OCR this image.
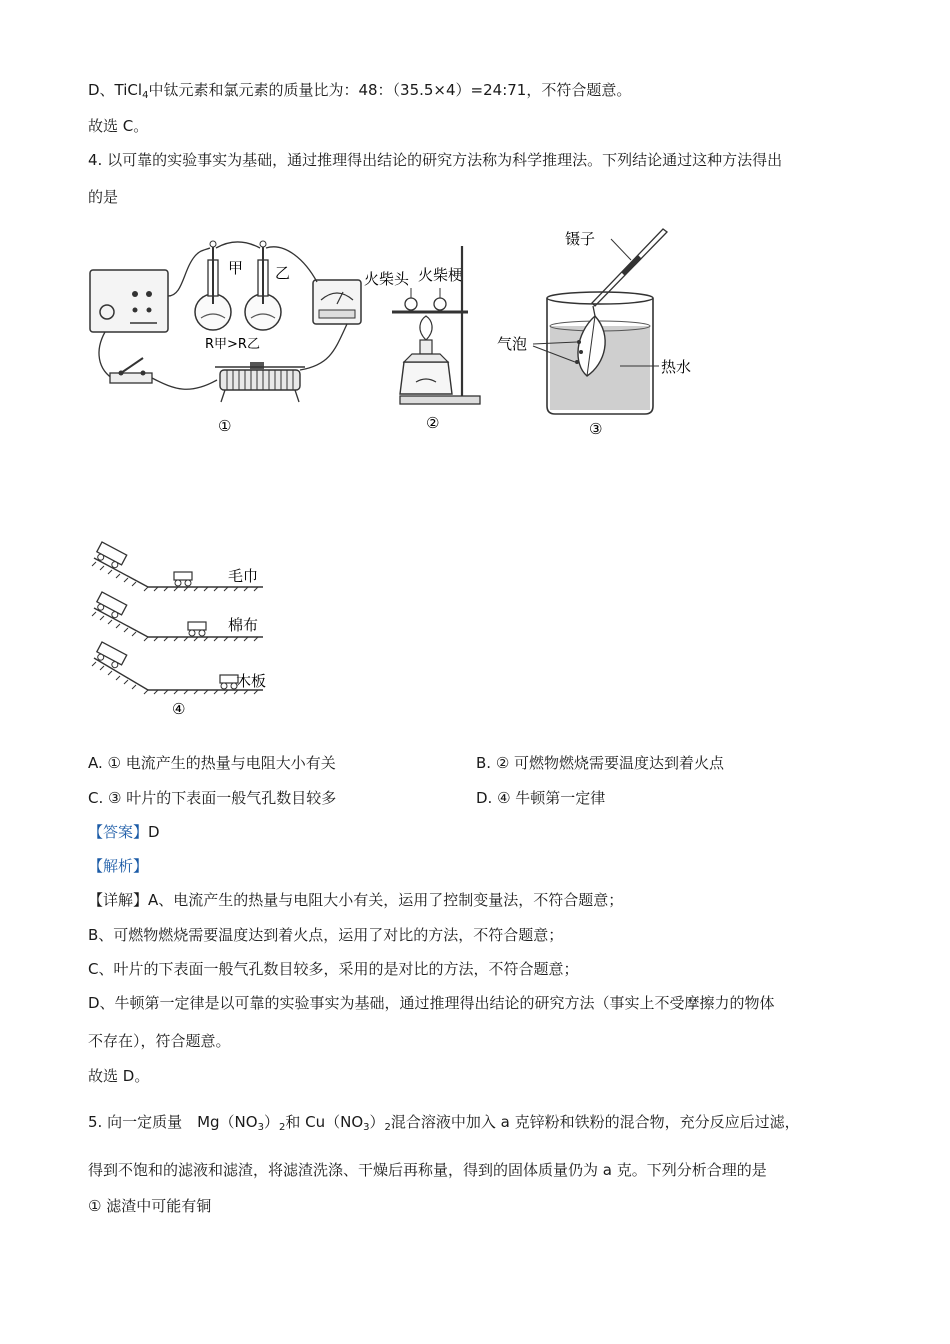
D、TiCl$_4$中钛元素和氯元素的质量比为：48：（35.5×4）=24:71，不符合题意。
故选 C。
4. 以可靠的实验事实为基础，通过推理得出结论的研究方法称为科学推理法。下列结论通过这种方法得出
的是
甲 乙
R甲>R乙
①
火柴头 火柴梗
②
镊子
气泡
热水
③
毛巾
棉布
木板
④
A. ① 电流产生的热量与电阻大小有关	B. ② 可燃物燃烧需要温度达到着火点
C. ③ 叶片的下表面一般气孔数目较多	D. ④ 牛顿第一定律
【答案】D
【解析】
【详解】A、电流产生的热量与电阻大小有关，运用了控制变量法，不符合题意；
B、可燃物燃烧需要温度达到着火点，运用了对比的方法，不符合题意；
C、叶片的下表面一般气孔数目较多，采用的是对比的方法，不符合题意；
D、牛顿第一定律是以可靠的实验事实为基础，通过推理得出结论的研究方法（事实上不受摩擦力的物体
不存在），符合题意。
故选 D。
5. 向一定质量　$Mg(NO_3)_2$和 $Cu(NO_3)_2$混合溶液中加入 a 克锌粉和铁粉的混合物，充分反应后过滤，
得到不饱和的滤液和滤渣，将滤渣洗涤、干燥后再称量，得到的固体质量仍为 a 克。下列分析合理的是
① 滤渣中可能有铜
